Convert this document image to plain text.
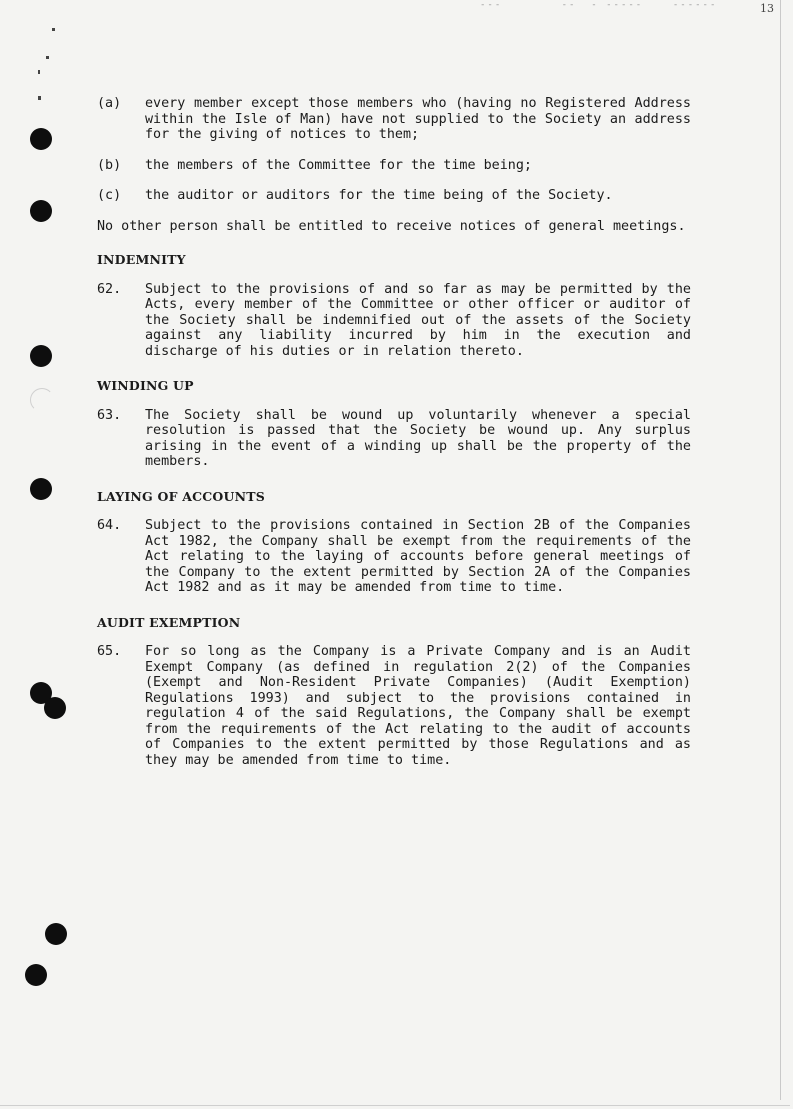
---        --  - -----    ------	13
(a)	every member except those members who (having no Registered Address within the Isle of Man) have not supplied to the Society an address for the giving of notices to them;
(b)	the members of the Committee for the time being;
(c)	the auditor or auditors for the time being of the Society.
No other person shall be entitled to receive notices of general meetings.
INDEMNITY
62.	Subject to the provisions of and so far as may be permitted by the Acts, every member of the Committee or other officer or auditor of the Society shall be indemnified out of the assets of the Society against any liability incurred by him in the execution and discharge of his duties or in relation thereto.
WINDING UP
63.	The Society shall be wound up voluntarily whenever a special resolution is passed that the Society be wound up. Any surplus arising in the event of a winding up shall be the property of the members.
LAYING OF ACCOUNTS
64.	Subject to the provisions contained in Section 2B of the Companies Act 1982, the Company shall be exempt from the requirements of the Act relating to the laying of accounts before general meetings of the Company to the extent permitted by Section 2A of the Companies Act 1982 and as it may be amended from time to time.
AUDIT EXEMPTION
65.	For so long as the Company is a Private Company and is an Audit Exempt Company (as defined in regulation 2(2) of the Companies (Exempt and Non-Resident Private Companies) (Audit Exemption) Regulations 1993) and subject to the provisions contained in regulation 4 of the said Regulations, the Company shall be exempt from the requirements of the Act relating to the audit of accounts of Companies to the extent permitted by those Regulations and as they may be amended from time to time.
